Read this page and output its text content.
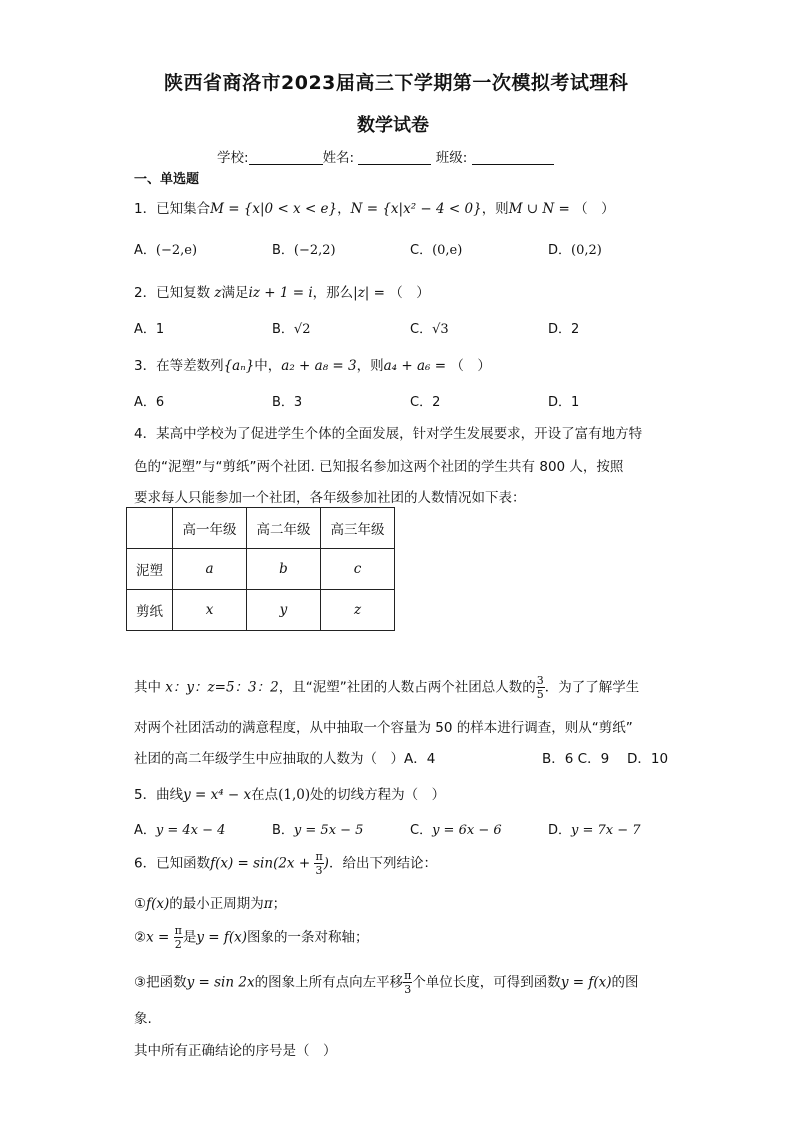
陕西省商洛市2023届高三下学期第一次模拟考试理科
数学试卷
学校:	姓名:	班级:
一、单选题
1．已知集合M = {x|0 < x < e}，N = {x|x² − 4 < 0}，则M ∪ N = （　）
A．(−2,e)	B．(−2,2)	C．(0,e)	D．(0,2)
2．已知复数 z满足iz + 1 = i，那么|z| = （　）
A．1	B．√2	C．√3	D．2
3．在等差数列{aₙ}中，a₂ + a₈ = 3，则a₄ + a₆ = （　）
A．6	B．3	C．2	D．1
4．某高中学校为了促进学生个体的全面发展，针对学生发展要求，开设了富有地方特
色的“泥塑”与“剪纸”两个社团. 已知报名参加这两个社团的学生共有 800 人，按照
要求每人只能参加一个社团，各年级参加社团的人数情况如下表：
	高一年级	高二年级	高三年级
泥塑	a	b	c
剪纸	x	y	z
其中 x：y：z=5：3：2，且“泥塑”社团的人数占两个社团总人数的 $\frac{3}{5}$ ．为了了解学生
对两个社团活动的满意程度，从中抽取一个容量为 50 的样本进行调查，则从“剪纸”
社团的高二年级学生中应抽取的人数为（　）A．4	B．6 C．9 D．10
5．曲线y = x⁴ − x在点(1,0)处的切线方程为（　）
A．y = 4x − 4	B．y = 5x − 5	C．y = 6x − 6	D．y = 7x − 7
6．已知函数$f(x) = \sin(2x + \frac{\pi}{3}$ )．给出下列结论：
①f(x)的最小正周期为π；
②x = $\frac{\pi}{2}$ 是y = f(x)图象的一条对称轴；
③把函数y = sin 2x的图象上所有点向左平移 $\frac{\pi}{3}$ 个单位长度，可得到函数y = f(x)的图
象.
其中所有正确结论的序号是（　）
